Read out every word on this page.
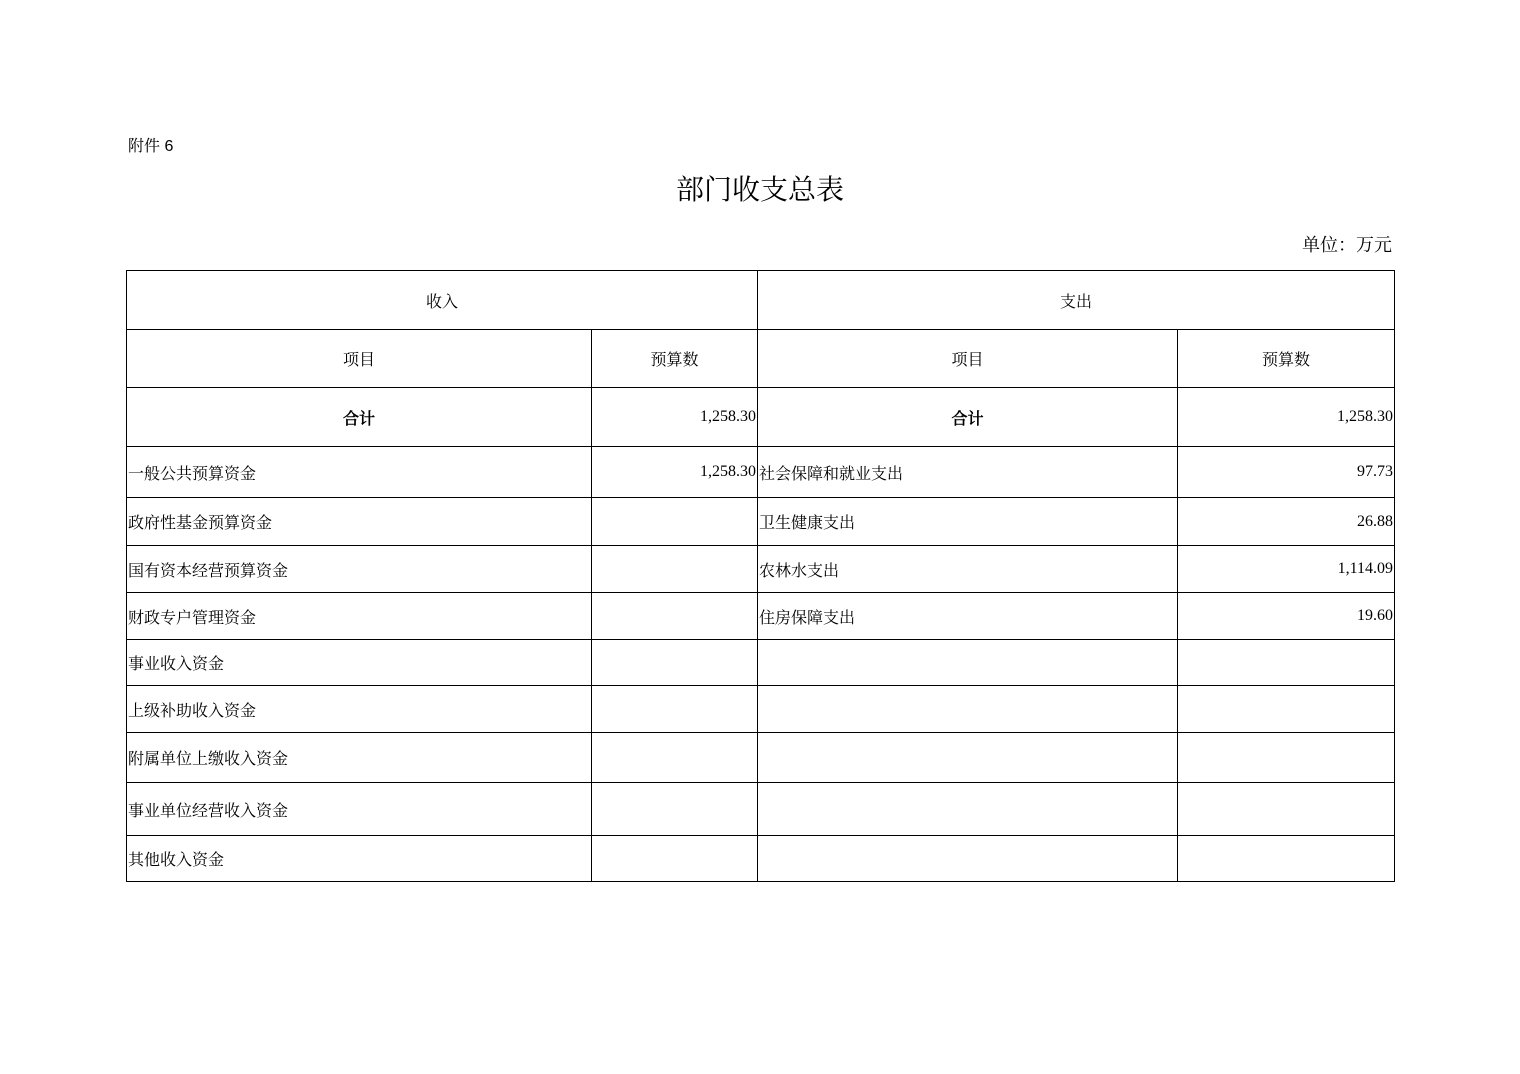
附件 6
部门收支总表
单位：万元
收入		支出	
项目	预算数	项目	预算数
合计	1,258.30	合计	1,258.30
一般公共预算资金	1,258.30	社会保障和就业支出	97.73
政府性基金预算资金		卫生健康支出	26.88
国有资本经营预算资金		农林水支出	1,114.09
财政专户管理资金		住房保障支出	19.60
事业收入资金			
上级补助收入资金			
附属单位上缴收入资金			
事业单位经营收入资金			
其他收入资金			
